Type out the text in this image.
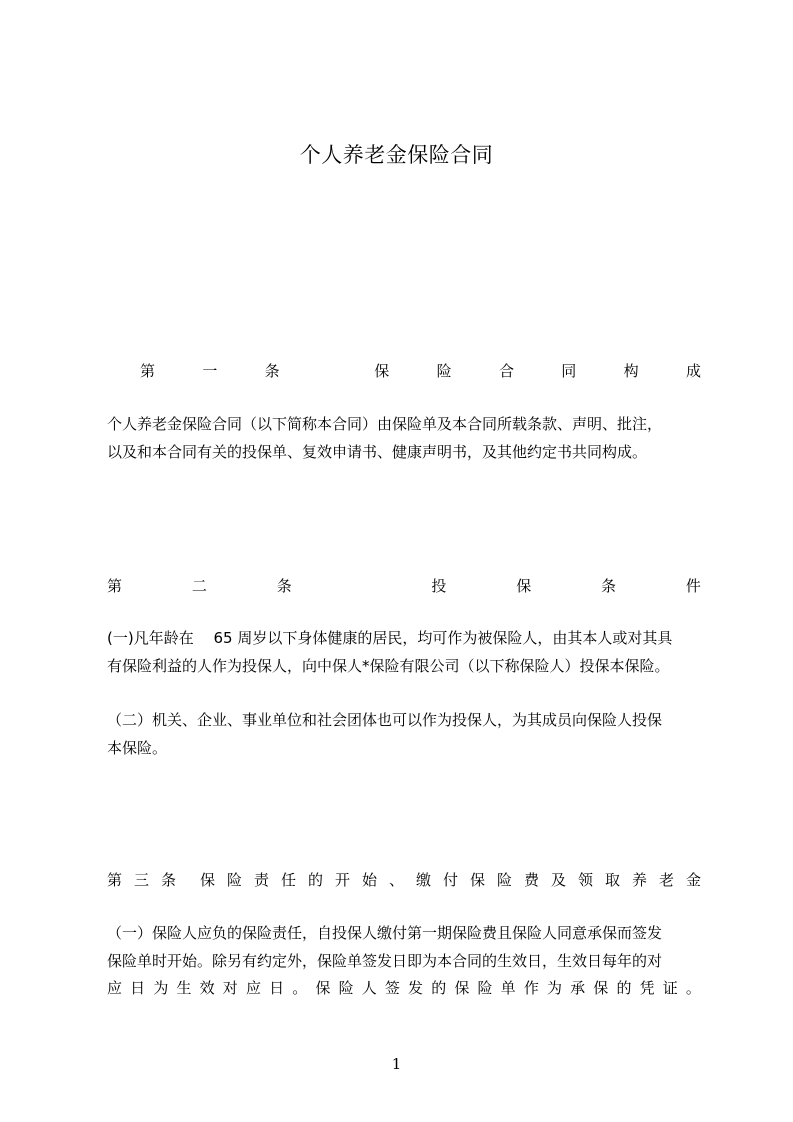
个人养老金保险合同
第	一	条	保	险	合	同	构	成
个人养老金保险合同（以下简称本合同）由保险单及本合同所载条款、声明、批注，
以及和本合同有关的投保单、复效申请书、健康声明书，及其他约定书共同构成。
第	二	条	投	保	条	件
(一)凡年龄在　 65 周岁以下身体健康的居民，均可作为被保险人，由其本人或对其具
有保险利益的人作为投保人，向中保人*保险有限公司（以下称保险人）投保本保险。
（二）机关、企业、事业单位和社会团体也可以作为投保人，为其成员向保险人投保
本保险。
第 三 条 保 险 责 任 的 开 始 、 缴 付 保 险 费 及 领 取 养 老 金
（一）保险人应负的保险责任，自投保人缴付第一期保险费且保险人同意承保而签发
保险单时开始。除另有约定外，保险单签发日即为本合同的生效日，生效日每年的对
应 日 为 生 效 对 应 日 。 保 险 人 签 发 的 保 险 单 作 为 承 保 的 凭 证 。
1
